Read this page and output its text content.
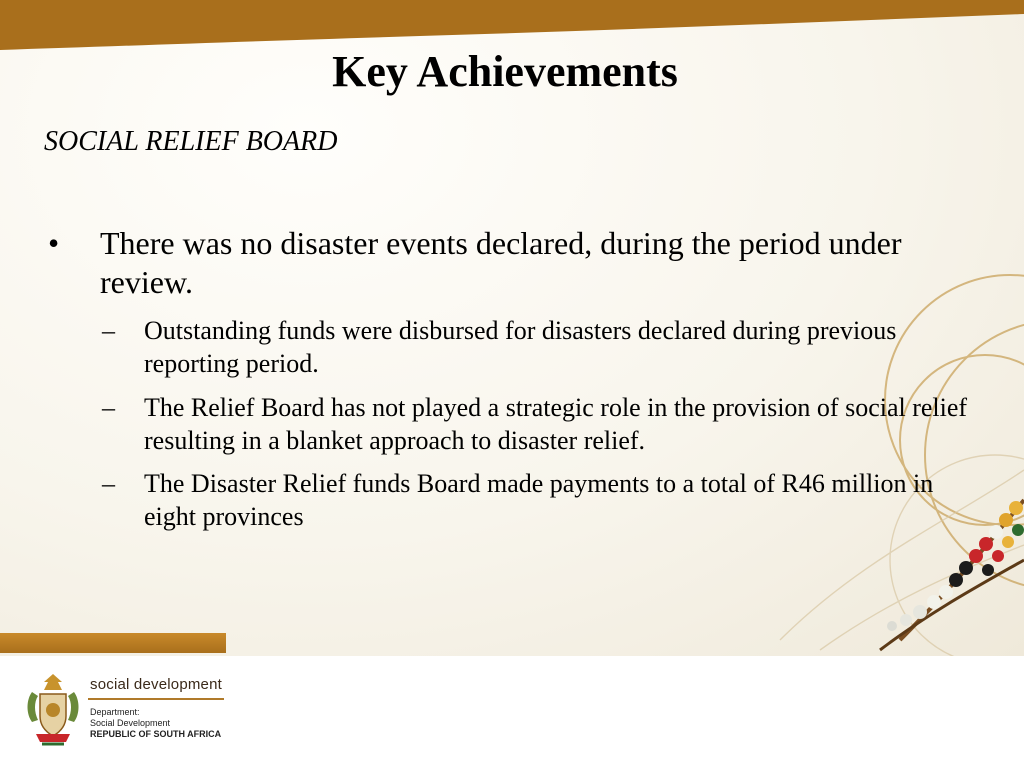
Key Achievements
SOCIAL RELIEF BOARD
•	There was no disaster events declared, during the period under review.
–	Outstanding funds were disbursed for disasters declared during previous reporting period.
–	The Relief Board has not played a strategic role in the provision of social relief resulting in a blanket approach to disaster relief.
–	The Disaster Relief funds Board made payments to a total of R46 million in eight provinces
social development
Department:
Social Development
REPUBLIC OF SOUTH AFRICA
